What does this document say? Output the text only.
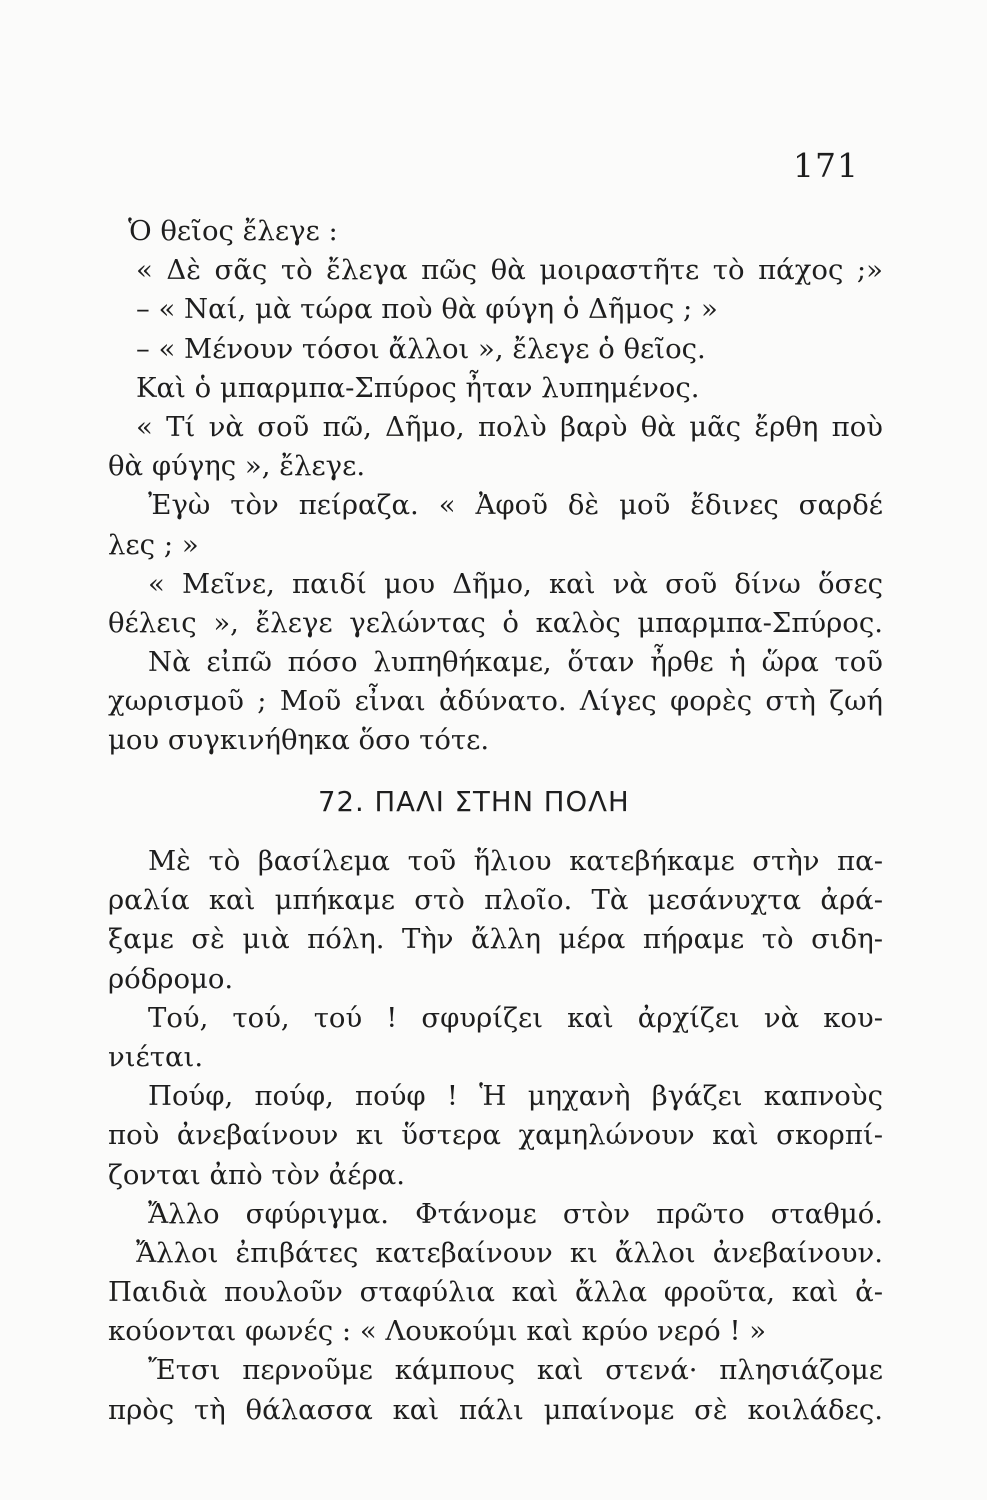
171
Ὁ θεῖος ἔλεγε :
« Δὲ σᾶς τὸ ἔλεγα πῶς θὰ μοιραστῆτε τὸ πάχος ;»
– « Ναί, μὰ τώρα ποὺ θὰ φύγη ὁ Δῆμος ; »
– « Μένουν τόσοι ἄλλοι », ἔλεγε ὁ θεῖος.
Καὶ ὁ μπαρμπα-Σπύρος ἦταν λυπημένος.
« Τί νὰ σοῦ πῶ, Δῆμο, πολὺ βαρὺ θὰ μᾶς ἔρθη ποὺ
θὰ φύγης », ἔλεγε.
Ἐγὼ τὸν πείραζα. « Ἀφοῦ δὲ μοῦ ἔδινες σαρδέ
λες ; »
« Μεῖνε, παιδί μου Δῆμο, καὶ νὰ σοῦ δίνω ὅσες
θέλεις », ἔλεγε γελώντας ὁ καλὸς μπαρμπα-Σπύρος.
Νὰ εἰπῶ πόσο λυπηθήκαμε, ὅταν ἦρθε ἡ ὥρα τοῦ
χωρισμοῦ ; Μοῦ εἶναι ἀδύνατο. Λίγες φορὲς στὴ ζωή
μου συγκινήθηκα ὅσο τότε.
72. ΠΑΛΙ ΣΤΗΝ ΠΟΛΗ
Μὲ τὸ βασίλεμα τοῦ ἥλιου κατεβήκαμε στὴν πα-
ραλία καὶ μπήκαμε στὸ πλοῖο. Τὰ μεσάνυχτα ἀρά-
ξαμε σὲ μιὰ πόλη. Τὴν ἄλλη μέρα πήραμε τὸ σιδη-
ρόδρομο.
Τού, τού, τού ! σφυρίζει καὶ ἀρχίζει νὰ κου-
νιέται.
Πούφ, πούφ, πούφ ! Ἡ μηχανὴ βγάζει καπνοὺς
ποὺ ἀνεβαίνουν κι ὕστερα χαμηλώνουν καὶ σκορπί-
ζονται ἀπὸ τὸν ἀέρα.
Ἄλλο σφύριγμα. Φτάνομε στὸν πρῶτο σταθμό.
Ἄλλοι ἐπιβάτες κατεβαίνουν κι ἄλλοι ἀνεβαίνουν.
Παιδιὰ πουλοῦν σταφύλια καὶ ἄλλα φροῦτα, καὶ ἀ-
κούονται φωνές : « Λουκούμι καὶ κρύο νερό ! »
Ἔτσι περνοῦμε κάμπους καὶ στενά· πλησιάζομε
πρὸς τὴ θάλασσα καὶ πάλι μπαίνομε σὲ κοιλάδες.
